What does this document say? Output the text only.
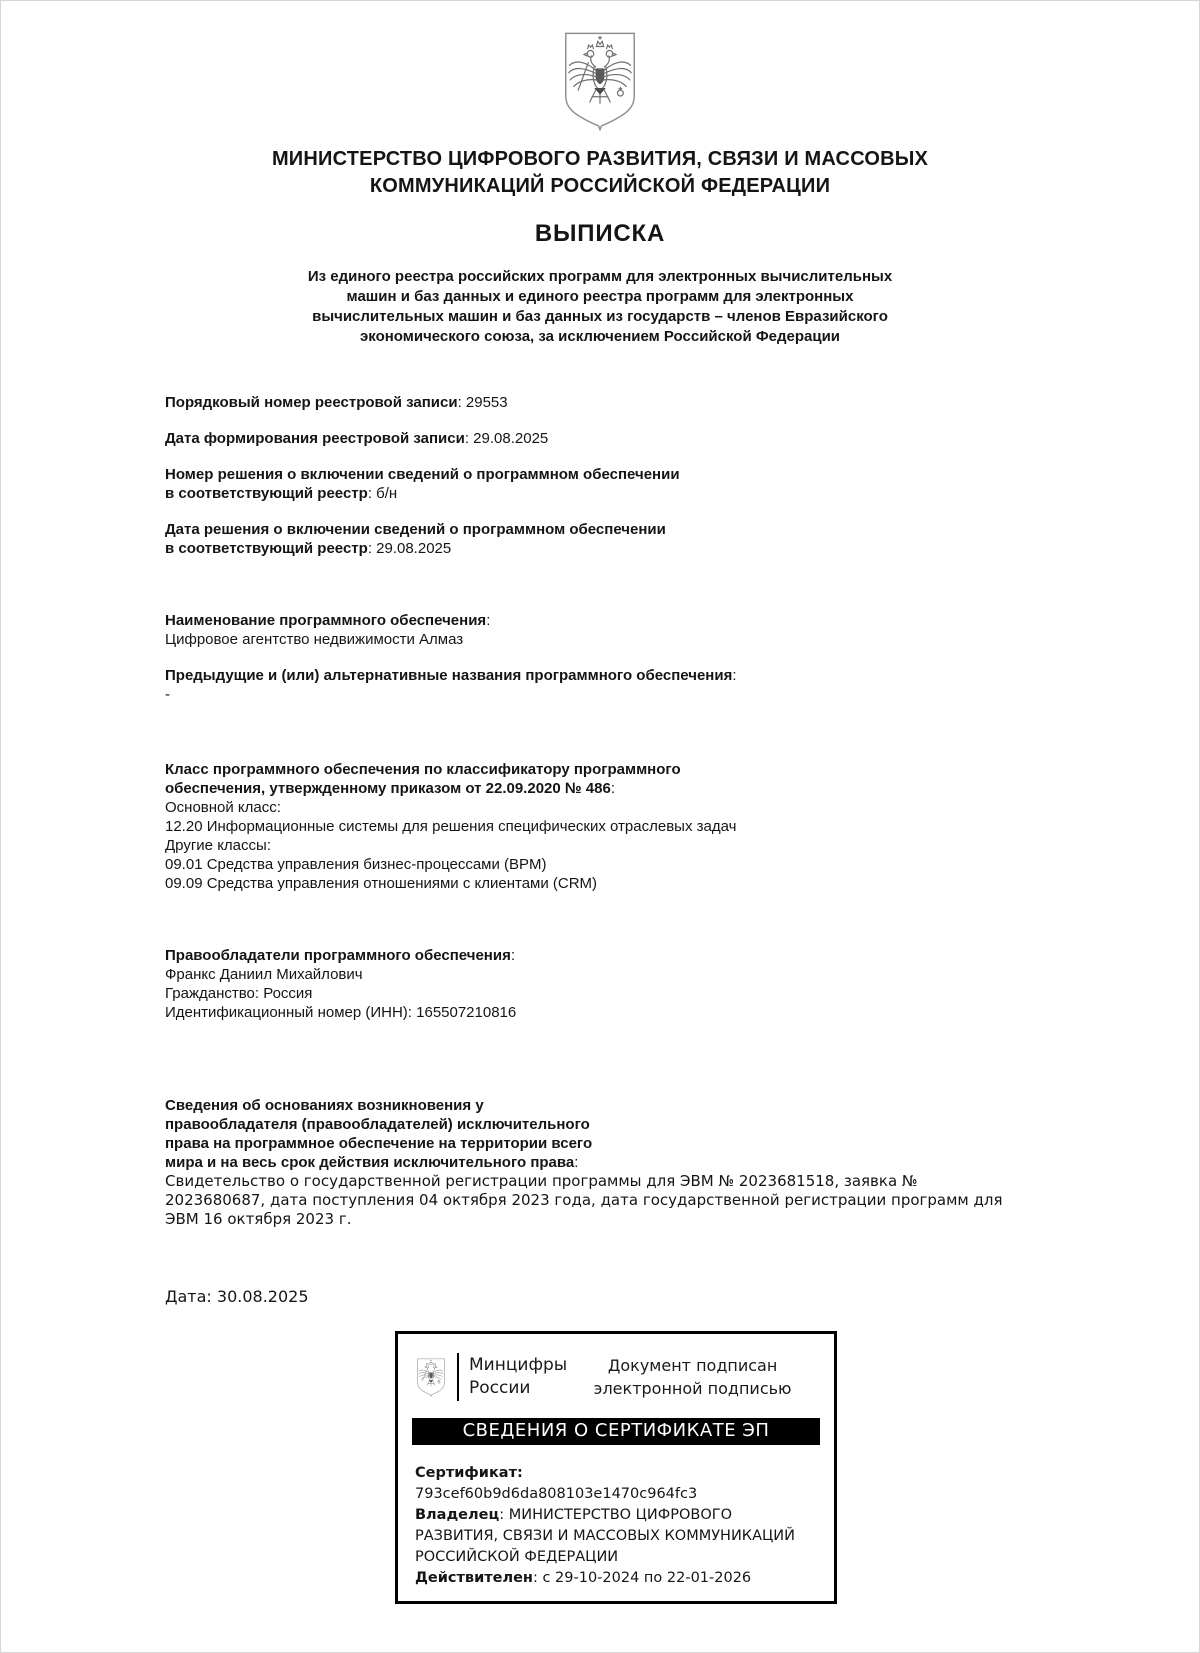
МИНИСТЕРСТВО ЦИФРОВОГО РАЗВИТИЯ, СВЯЗИ И МАССОВЫХ
КОММУНИКАЦИЙ РОССИЙСКОЙ ФЕДЕРАЦИИ
ВЫПИСКА
Из единого реестра российских программ для электронных вычислительных
машин и баз данных и единого реестра программ для электронных
вычислительных машин и баз данных из государств – членов Евразийского
экономического союза, за исключением Российской Федерации
Порядковый номер реестровой записи: 29553
Дата формирования реестровой записи: 29.08.2025
Номер решения о включении сведений о программном обеспечении
в соответствующий реестр: б/н
Дата решения о включении сведений о программном обеспечении
в соответствующий реестр: 29.08.2025
Наименование программного обеспечения:
Цифровое агентство недвижимости Алмаз
Предыдущие и (или) альтернативные названия программного обеспечения:
-
Класс программного обеспечения по классификатору программного
обеспечения, утвержденному приказом от 22.09.2020 № 486:
Основной класс:
12.20 Информационные системы для решения специфических отраслевых задач
Другие классы:
09.01 Средства управления бизнес-процессами (BPM)
09.09 Средства управления отношениями с клиентами (CRM)
Правообладатели программного обеспечения:
Франкс Даниил Михайлович
Гражданство: Россия
Идентификационный номер (ИНН): 165507210816
Сведения об основаниях возникновения у
правообладателя (правообладателей) исключительного
права на программное обеспечение на территории всего
мира и на весь срок действия исключительного права:
Свидетельство о государственной регистрации программы для ЭВМ № 2023681518, заявка №
2023680687, дата поступления 04 октября 2023 года, дата государственной регистрации программ для
ЭВМ 16 октября 2023 г.
Дата: 30.08.2025
Минцифры
России
Документ подписан
электронной подписью
СВЕДЕНИЯ О СЕРТИФИКАТЕ ЭП
Сертификат:
793cef60b9d6da808103e1470c964fc3
Владелец: МИНИСТЕРСТВО ЦИФРОВОГО
РАЗВИТИЯ, СВЯЗИ И МАССОВЫХ КОММУНИКАЦИЙ
РОССИЙСКОЙ ФЕДЕРАЦИИ
Действителен: с 29-10-2024 по 22-01-2026
